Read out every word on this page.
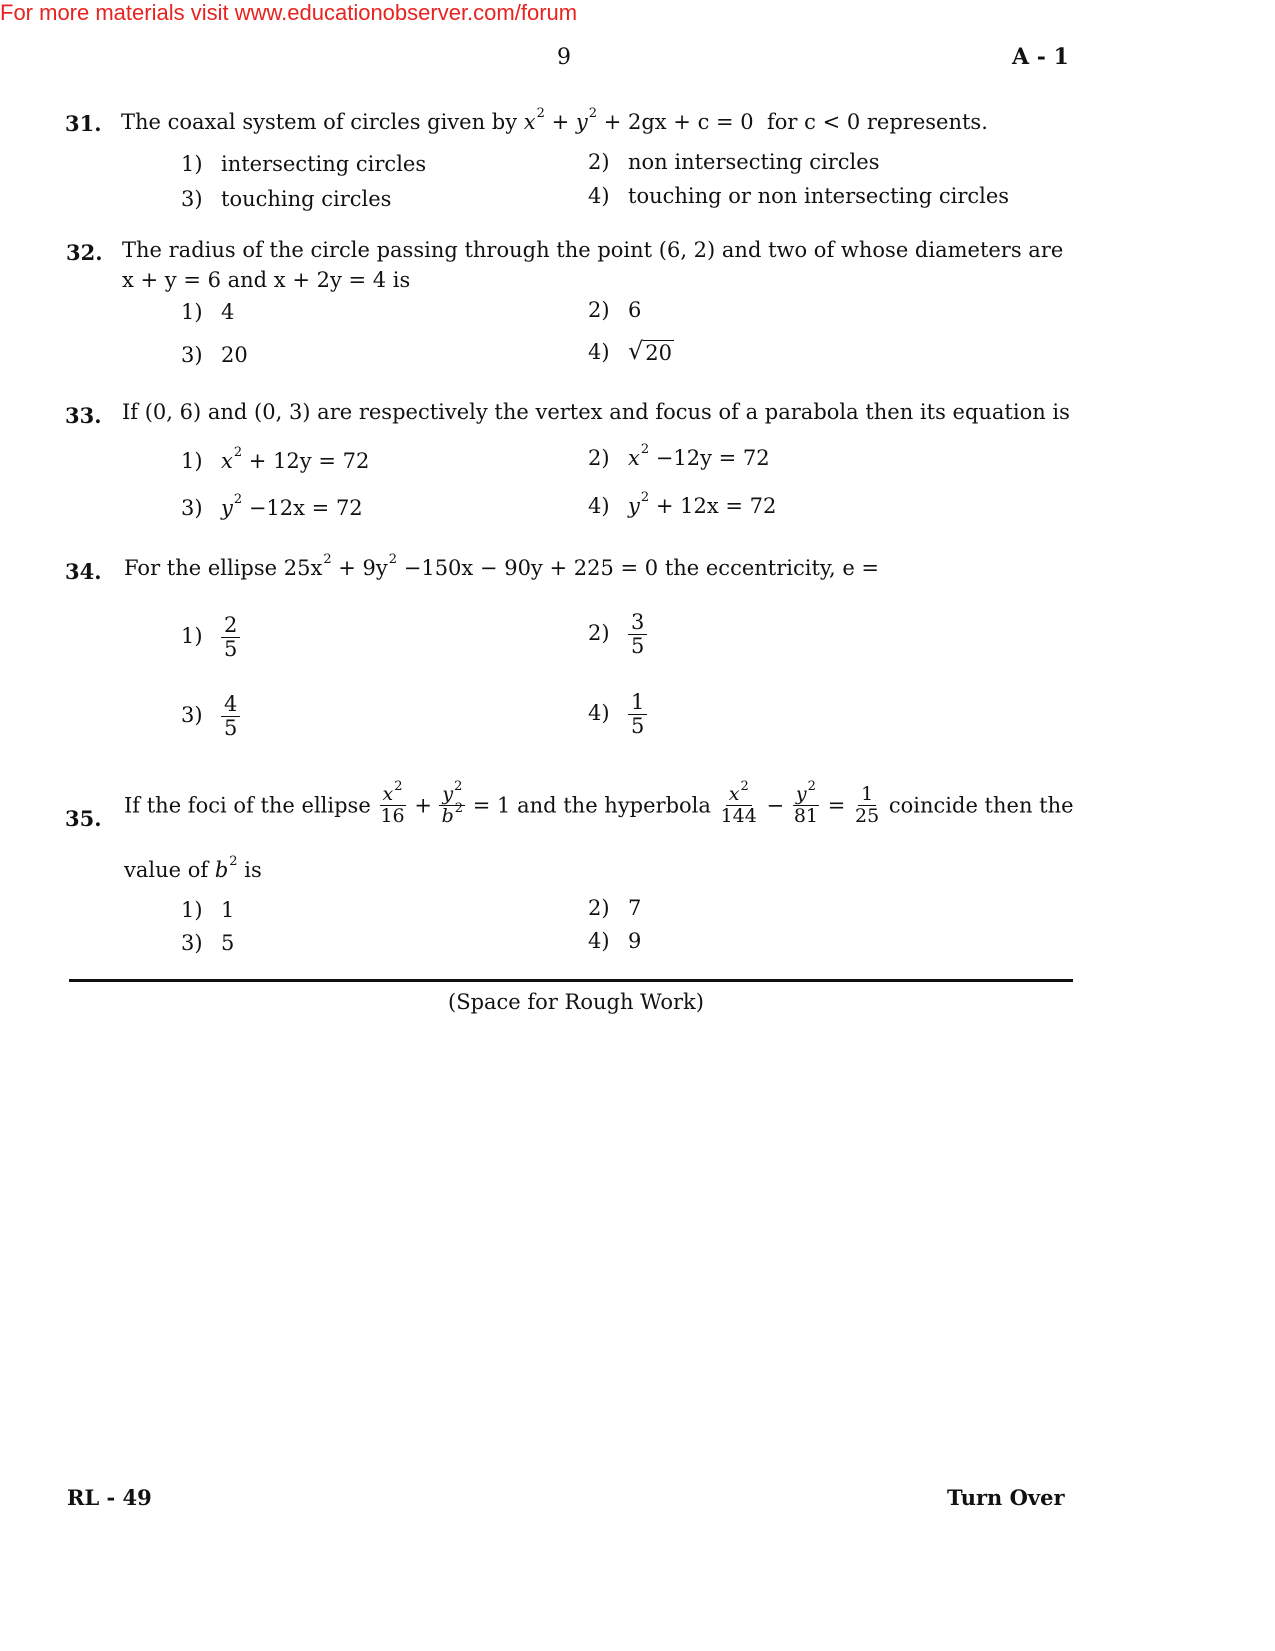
For more materials visit www.educationobserver.com/forum
9	A - 1
31. The coaxal system of circles given by $x^2 + y^2 + 2gx + c = 0$ for c < 0 represents.
1) intersecting circles	2) non intersecting circles
3) touching circles	4) touching or non intersecting circles
32. The radius of the circle passing through the point (6, 2) and two of whose diameters are
x + y = 6 and x + 2y = 4 is
1) 4	2) 6
3) 20	4) √ 20
33. If (0, 6) and (0, 3) are respectively the vertex and focus of a parabola then its equation is
1) $x^2 + 12y = 72$	2) $x^2 -12y = 72$
3) $y^2 -12x = 72$	4) $y^2 + 12x = 72$
34. For the ellipse $25x^2 + 9y^2 -150x - 90y + 225 = 0$ the eccentricity, e =
$1) \frac{2}{5}$	$2) \frac{3}{5}$
$3) \frac{4}{5}$	$4) \frac{1}{5}$
35.
If the foci of the ellipse $\frac{x^2}{16} + \frac{y^2}{b^2} = 1$ and the hyperbola $\frac{x^2}{144} - \frac{y^2}{81} = \frac{1}{25}$ coincide then the
value of $b^2$ is
1) 1	2) 7
3) 5	4) 9
(Space for Rough Work)
RL - 49	Turn Over
